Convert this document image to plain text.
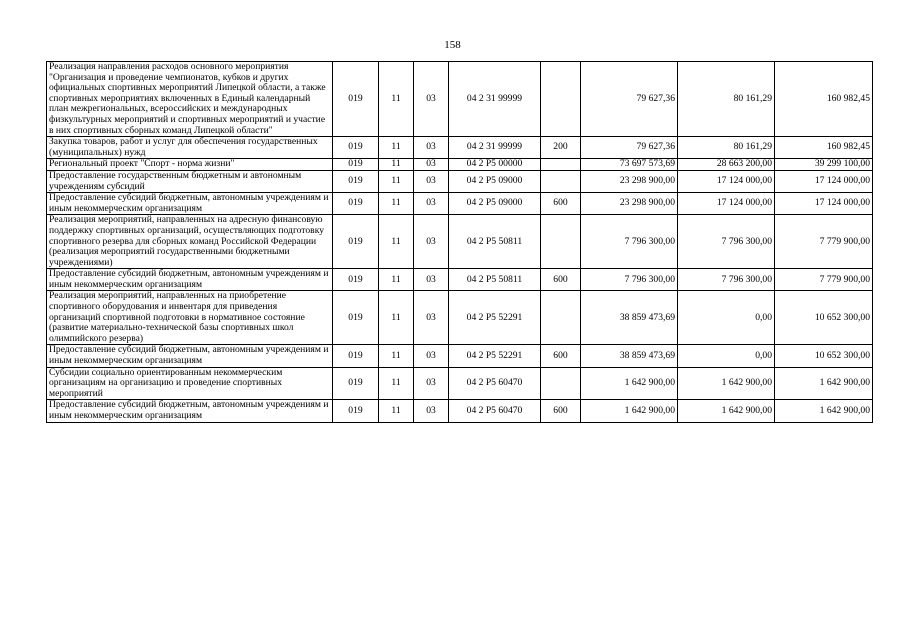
158
Реализация направления расходов основного мероприятия "Организация и проведение чемпионатов, кубков и других официальных спортивных мероприятий Липецкой области, а также спортивных мероприятиях включенных в Единый календарный план межрегиональных, всероссийских и международных физкультурных мероприятий и спортивных мероприятий и участие в них спортивных сборных команд Липецкой области"	019	11	03	04 2 31 99999		79 627,36	80 161,29	160 982,45
Закупка товаров, работ и услуг для обеспечения государственных (муниципальных) нужд	019	11	03	04 2 31 99999	200	79 627,36	80 161,29	160 982,45
Региональный проект "Спорт - норма жизни"	019	11	03	04 2 P5 00000		73 697 573,69	28 663 200,00	39 299 100,00
Предоставление государственным бюджетным и автономным учреждениям субсидий	019	11	03	04 2 P5 09000		23 298 900,00	17 124 000,00	17 124 000,00
Предоставление субсидий бюджетным, автономным учреждениям и иным некоммерческим организациям	019	11	03	04 2 P5 09000	600	23 298 900,00	17 124 000,00	17 124 000,00
Реализация мероприятий, направленных на адресную финансовую поддержку спортивных организаций, осуществляющих подготовку спортивного резерва для сборных команд Российской Федерации (реализация мероприятий государственными бюджетными учреждениями)	019	11	03	04 2 P5 50811		7 796 300,00	7 796 300,00	7 779 900,00
Предоставление субсидий бюджетным, автономным учреждениям и иным некоммерческим организациям	019	11	03	04 2 P5 50811	600	7 796 300,00	7 796 300,00	7 779 900,00
Реализация мероприятий, направленных на приобретение спортивного оборудования и инвентаря для приведения организаций спортивной подготовки в нормативное состояние (развитие материально-технической базы спортивных школ олимпийского резерва)	019	11	03	04 2 P5 52291		38 859 473,69	0,00	10 652 300,00
Предоставление субсидий бюджетным, автономным учреждениям и иным некоммерческим организациям	019	11	03	04 2 P5 52291	600	38 859 473,69	0,00	10 652 300,00
Субсидии социально ориентированным некоммерческим организациям на организацию и проведение спортивных мероприятий	019	11	03	04 2 P5 60470		1 642 900,00	1 642 900,00	1 642 900,00
Предоставление субсидий бюджетным, автономным учреждениям и иным некоммерческим организациям	019	11	03	04 2 P5 60470	600	1 642 900,00	1 642 900,00	1 642 900,00
